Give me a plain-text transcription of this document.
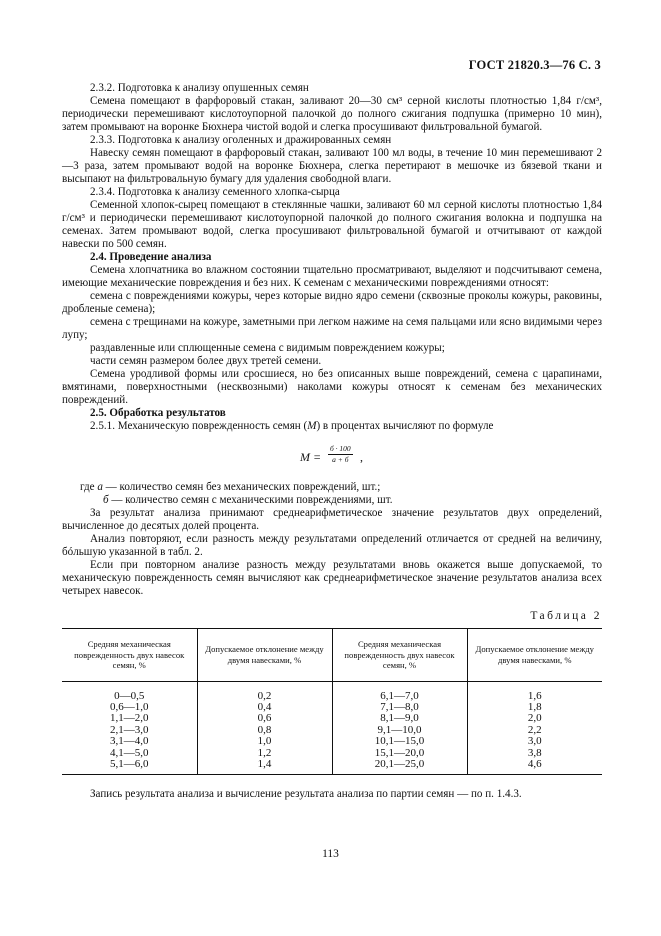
ГОСТ 21820.3—76 С. 3

2.3.2. Подготовка к анализу опушенных семян

Семена помещают в фарфоровый стакан, заливают 20—30 см³ серной кислоты плотностью 1,84 г/см³, периодически перемешивают кислотоупорной палочкой до полного сжигания подпушка (примерно 10 мин), затем промывают на воронке Бюхнера чистой водой и слегка просушивают фильтровальной бумагой.

2.3.3. Подготовка к анализу оголенных и дражированных семян

Навеску семян помещают в фарфоровый стакан, заливают 100 мл воды, в течение 10 мин перемешивают 2—3 раза, затем промывают водой на воронке Бюхнера, слегка перетирают в мешочке из бязевой ткани и высыпают на фильтровальную бумагу для удаления свободной влаги.

2.3.4. Подготовка к анализу семенного хлопка-сырца

Семенной хлопок-сырец помещают в стеклянные чашки, заливают 60 мл серной кислоты плотностью 1,84 г/см³ и периодически перемешивают кислотоупорной палочкой до полного сжигания волокна и подпушка на семенах. Затем промывают водой, слегка просушивают фильтровальной бумагой и отчитывают от каждой навески по 500 семян.

2.4. Проведение анализа

Семена хлопчатника во влажном состоянии тщательно просматривают, выделяют и подсчитывают семена, имеющие механические повреждения и без них. К семенам с механическими повреждениями относят:

семена с повреждениями кожуры, через которые видно ядро семени (сквозные проколы кожуры, раковины, дробленые семена);

семена с трещинами на кожуре, заметными при легком нажиме на семя пальцами или ясно видимыми через лупу;

раздавленные или сплющенные семена с видимым повреждением кожуры;

части семян размером более двух третей семени.

Семена уродливой формы или сросшиеся, но без описанных выше повреждений, семена с царапинами, вмятинами, поверхностными (несквозными) наколами кожуры относят к семенам без механических повреждений.

2.5. Обработка результатов

2.5.1. Механическую поврежденность семян (М) в процентах вычисляют по формуле

M =
б · 100
а + б ,
где а — количество семян без механических повреждений, шт.;
б — количество семян с механическими повреждениями, шт.

За результат анализа принимают среднеарифметическое значение результатов двух определений, вычисленное до десятых долей процента.

Анализ повторяют, если разность между результатами определений отличается от средней на величину, бóльшую указанной в табл. 2.

Если при повторном анализе разность между результатами вновь окажется выше допускаемой, то механическую поврежденность семян вычисляют как среднеарифметическое значение результатов анализа всех четырех навесок.

Таблица 2
Средняя механическая поврежденность двух навесок семян, %	Допускаемое отклонение между двумя навесками, %	Средняя механическая поврежденность двух навесок семян, %	Допускаемое отклонение между двумя навесками, %
0—0,5	0,2	6,1—7,0	1,6
0,6—1,0	0,4	7,1—8,0	1,8
1,1—2,0	0,6	8,1—9,0	2,0
2,1—3,0	0,8	9,1—10,0	2,2
3,1—4,0	1,0	10,1—15,0	3,0
4,1—5,0	1,2	15,1—20,0	3,8
5,1—6,0	1,4	20,1—25,0	4,6

Запись результата анализа и вычисление результата анализа по партии семян — по п. 1.4.3.

113
